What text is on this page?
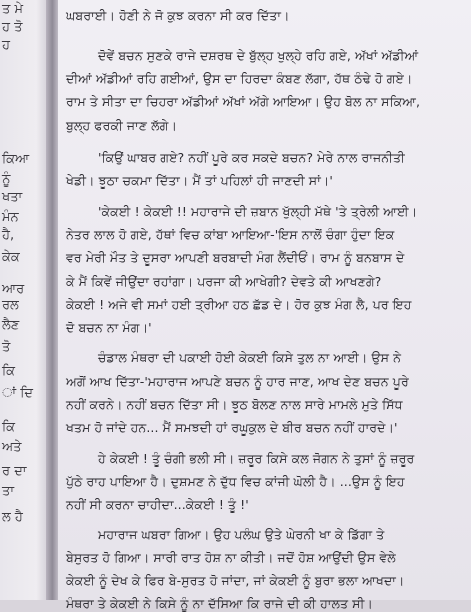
ਤ ਮੇ
ਹ ਤੋ
ਹ
ਕਿਆ
ਨੂੰ
ਖਤਾ
ਮੰਨ
ਹੈ,
ਕੇਕ
ਆਰ
ਰਲ
ਲੈਣ
ਤੋ
ਕਿ
ਾਂ ਦਿ
ਕਿ
ਅਤੇ
ਰ ਦਾ
ਤਾ
ਲ ਹੈ
ਘਬਰਾਈ। ਹੋਣੀ ਨੇ ਜੋ ਕੁਝ ਕਰਨਾ ਸੀ ਕਰ ਦਿੱਤਾ।
ਦੋਵੇਂ ਬਚਨ ਸੁਣਕੇ ਰਾਜੇ ਦਸ਼ਰਥ ਦੇ ਬੁੱਲ੍ਹ ਖੁਲ੍ਹੇ ਰਹਿ ਗਏ, ਅੱਖਾਂ ਅੱਡੀਆਂ
ਦੀਆਂ ਅੱਡੀਆਂ ਰਹਿ ਗਈਆਂ, ਉਸ ਦਾ ਹਿਰਦਾ ਕੰਬਣ ਲੱਗਾ, ਹੱਥ ਠੰਢੇ ਹੋ ਗਏ।
ਰਾਮ ਤੇ ਸੀਤਾ ਦਾ ਚਿਹਰਾ ਅੱਡੀਆਂ ਅੱਖਾਂ ਅੱਗੇ ਆਇਆ। ਉਹ ਬੋਲ ਨਾ ਸਕਿਆ,
ਬੁਲ੍ਹ ਫਰਕੀ ਜਾਣ ਲੱਗੇ।
'ਕਿਉਂ ਘਾਬਰ ਗਏ? ਨਹੀਂ ਪੂਰੇ ਕਰ ਸਕਦੇ ਬਚਨ? ਮੇਰੇ ਨਾਲ ਰਾਜਨੀਤੀ
ਖੇਡੀ। ਝੂਠਾ ਚਕਮਾ ਦਿੱਤਾ। ਮੈਂ ਤਾਂ ਪਹਿਲਾਂ ਹੀ ਜਾਣਦੀ ਸਾਂ।'
'ਕੇਕਈ ! ਕੇਕਈ !! ਮਹਾਰਾਜੇ ਦੀ ਜ਼ਬਾਨ ਖੁੱਲ੍ਹੀ ਮੱਥੇ 'ਤੇ ਤ੍ਰੇਲੀ ਆਈ।
ਨੇਤਰ ਲਾਲ ਹੋ ਗਏ, ਹੱਥਾਂ ਵਿਚ ਕਾਂਬਾ ਆਇਆ-'ਇਸ ਨਾਲੋਂ ਚੰਗਾ ਹੁੰਦਾ ਇਕ
ਵਰ ਮੇਰੀ ਮੌਤ ਤੇ ਦੂਸਰਾ ਆਪਣੀ ਬਰਬਾਦੀ ਮੰਗ ਲੈਂਦੀਓਂ। ਰਾਮ ਨੂੰ ਬਨਬਾਸ ਦੇ
ਕੇ ਮੈਂ ਕਿਵੇਂ ਜੀਉਂਦਾ ਰਹਾਂਗਾ। ਪਰਜਾ ਕੀ ਆਖੇਗੀ? ਦੇਵਤੇ ਕੀ ਆਖਣਗੇ?
ਕੇਕਈ ! ਅਜੇ ਵੀ ਸਮਾਂ ਹਈ ਤ੍ਰੀਆ ਹਠ ਛੱਡ ਦੇ। ਹੋਰ ਕੁਝ ਮੰਗ ਲੈ, ਪਰ ਇਹ
ਦੋ ਬਚਨ ਨਾ ਮੰਗ।'
ਚੰਡਾਲ ਮੰਥਰਾ ਦੀ ਪਕਾਈ ਹੋਈ ਕੇਕਈ ਕਿਸੇ ਤੁਲ ਨਾ ਆਈ। ਉਸ ਨੇ
ਅਗੋਂ ਆਖ ਦਿੱਤਾ-'ਮਹਾਰਾਜ ਆਪਣੇ ਬਚਨ ਨੂੰ ਹਾਰ ਜਾਣ, ਆਖ ਦੇਣ ਬਚਨ ਪੂਰੇ
ਨਹੀਂ ਕਰਨੇ। ਨਹੀਂ ਬਚਨ ਦਿੱਤਾ ਸੀ। ਝੂਠ ਬੋਲਣ ਨਾਲ ਸਾਰੇ ਮਾਮਲੇ ਮੁਤੇ ਸਿੱਧ
ਖਤਮ ਹੋ ਜਾਂਦੇ ਹਨ... ਮੈਂ ਸਮਝਦੀ ਹਾਂ ਰਘੂਕੁਲ ਦੇ ਬੀਰ ਬਚਨ ਨਹੀਂ ਹਾਰਦੇ।'
ਹੇ ਕੇਕਈ ! ਤੂੰ ਚੰਗੀ ਭਲੀ ਸੀ। ਜ਼ਰੂਰ ਕਿਸੇ ਕਲ ਜੋਗਨ ਨੇ ਤੁਸਾਂ ਨੂੰ ਜ਼ਰੂਰ
ਪੁੱਠੇ ਰਾਹ ਪਾਇਆ ਹੈ। ਦੁਸ਼ਮਣ ਨੇ ਦੁੱਧ ਵਿਚ ਕਾਂਜੀ ਘੋਲੀ ਹੈ। ...ਉਸ ਨੂੰ ਇਹ
ਨਹੀਂ ਸੀ ਕਰਨਾ ਚਾਹੀਦਾ...ਕੇਕਈ ! ਤੂੰ !'
ਮਹਾਰਾਜ ਘਬਰਾ ਗਿਆ। ਉਹ ਪਲੰਘ ਉਤੇ ਘੇਰਨੀ ਖਾ ਕੇ ਡਿੱਗਾ ਤੇ
ਬੇਸੁਰਤ ਹੋ ਗਿਆ। ਸਾਰੀ ਰਾਤ ਹੋਸ਼ ਨਾ ਕੀਤੀ। ਜਦੋਂ ਹੋਸ਼ ਆਉਂਦੀ ਉਸ ਵੇਲੇ
ਕੇਕਈ ਨੂੰ ਦੇਖ ਕੇ ਫਿਰ ਬੇ-ਸੁਰਤ ਹੋ ਜਾਂਦਾ, ਜਾਂ ਕੇਕਈ ਨੂੰ ਬੁਰਾ ਭਲਾ ਆਖਦਾ।
ਮੰਥਰਾ ਤੇ ਕੇਕਈ ਨੇ ਕਿਸੇ ਨੂੰ ਨਾ ਦੱਸਿਆ ਕਿ ਰਾਜੇ ਦੀ ਕੀ ਹਾਲਤ ਸੀ।
